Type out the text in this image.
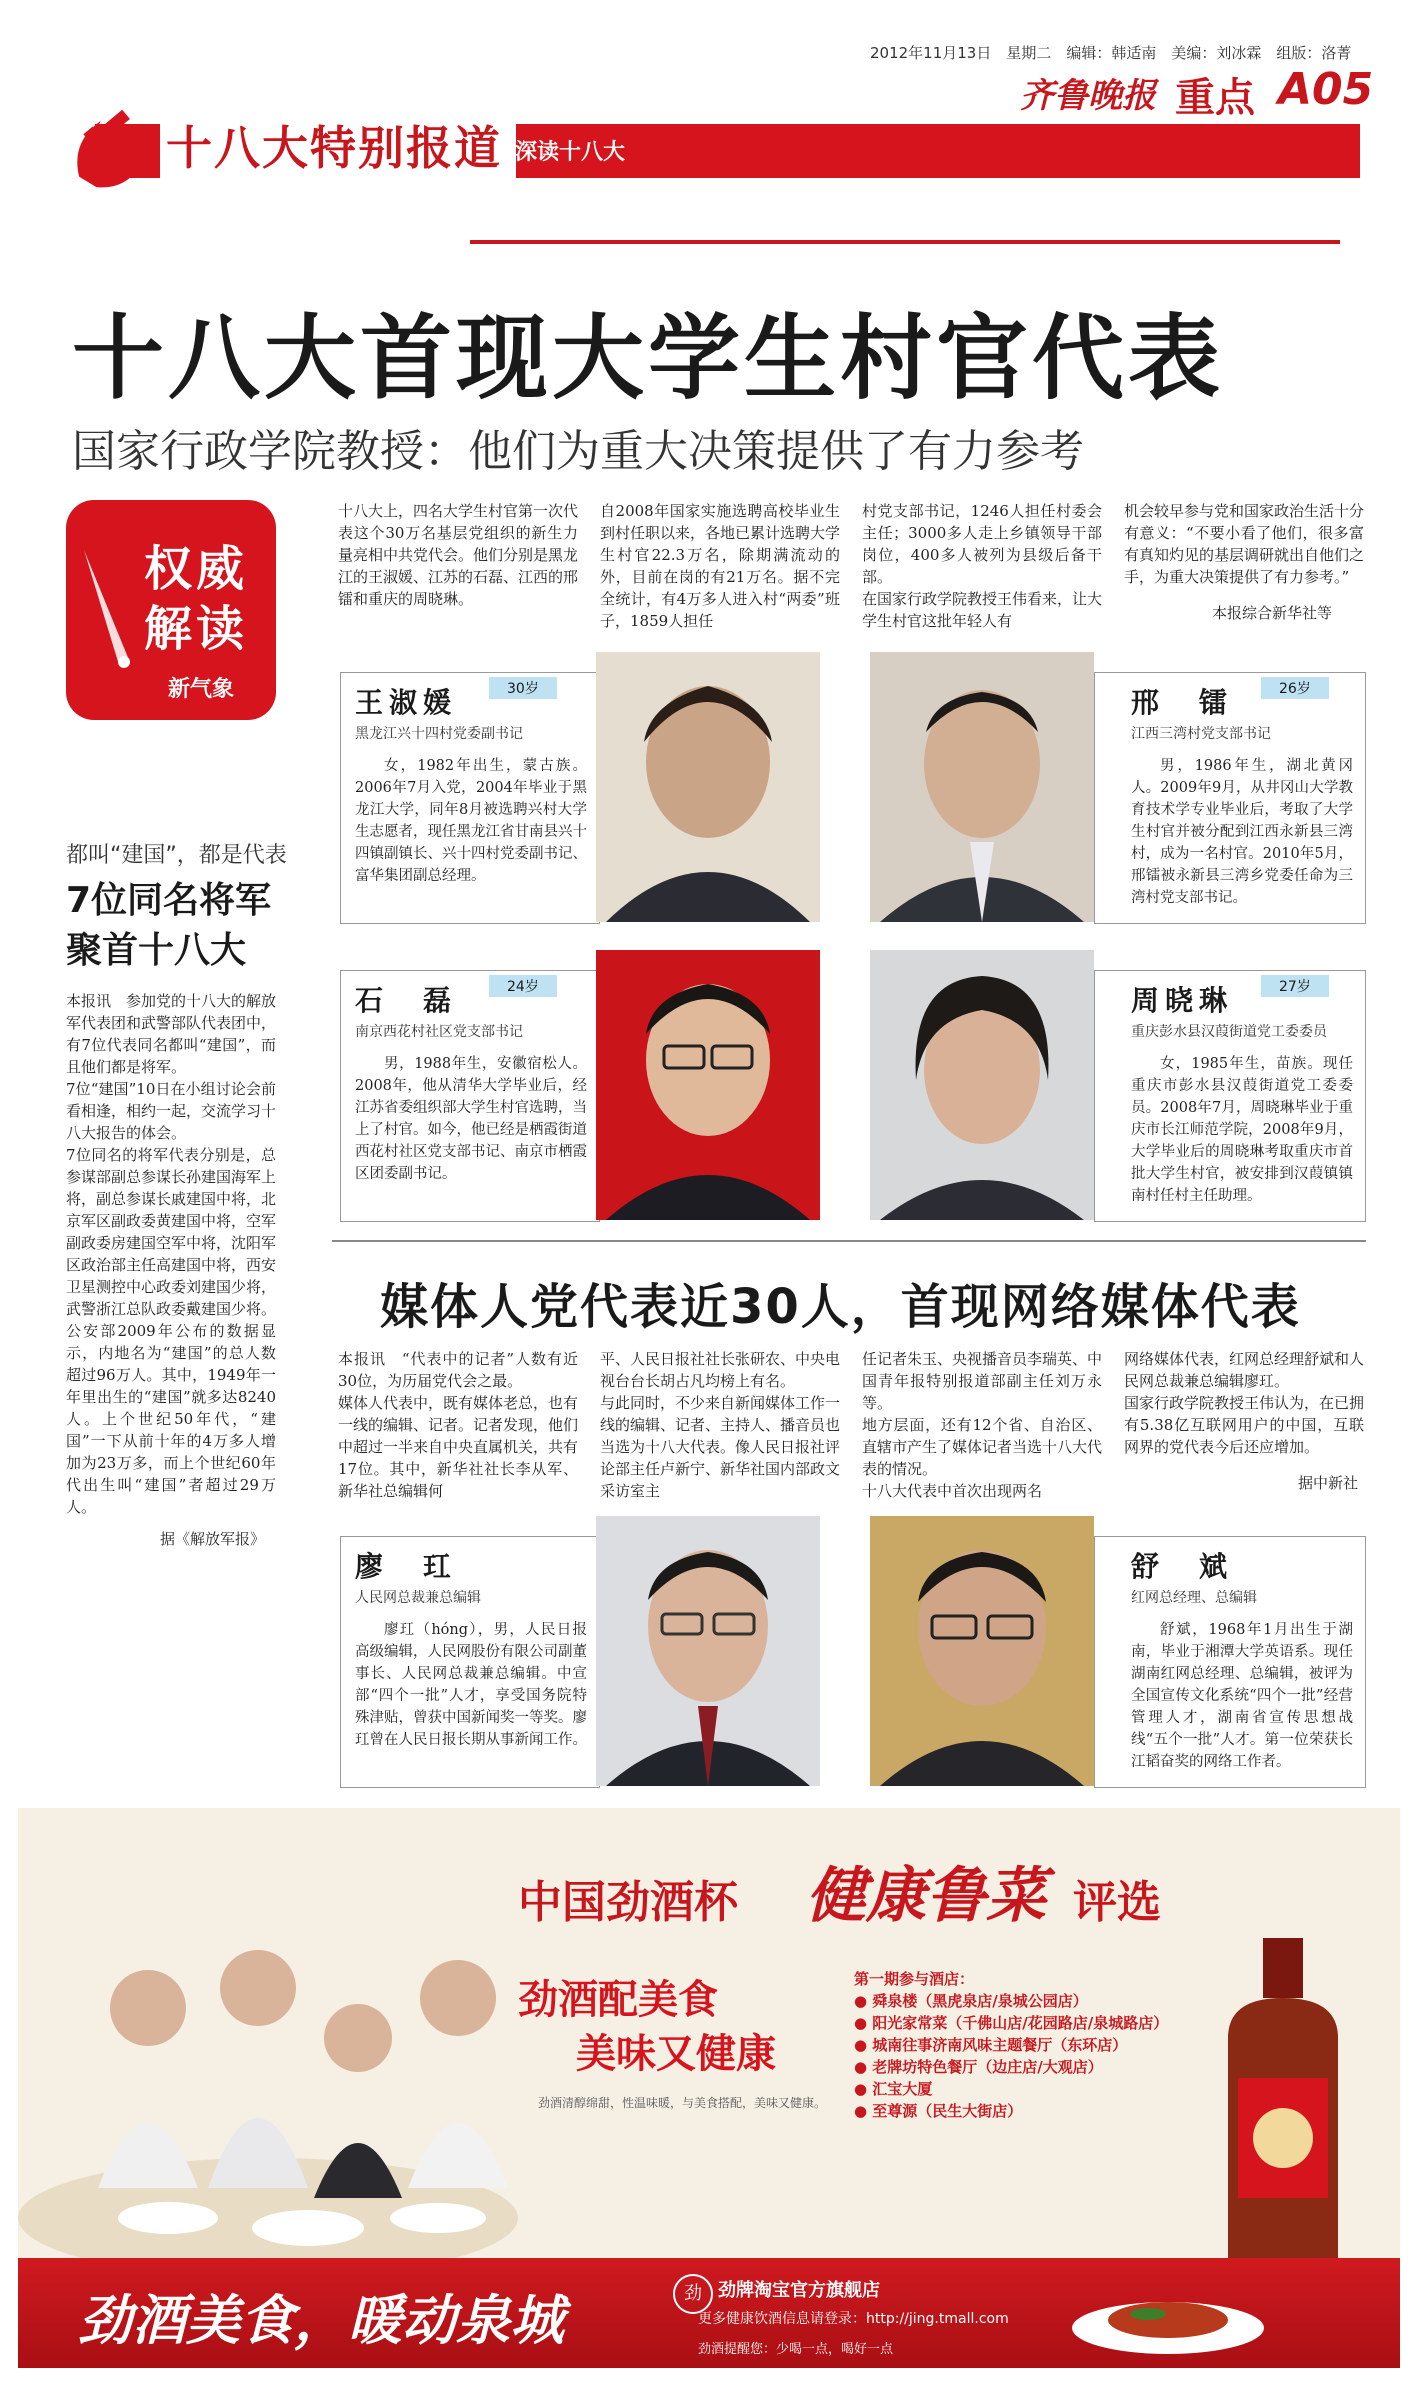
2012年11月13日　星期二　编辑：韩适南　美编：刘冰霖　组版：洛菁
齐鲁晚报 重点 A05
十八大特别报道 深读十八大
十八大首现大学生村官代表
国家行政学院教授：他们为重大决策提供了有力参考
权威
解读
新气象
都叫“建国”，都是代表
7位同名将军
聚首十八大
本报讯　参加党的十八大的解放军代表团和武警部队代表团中，有7位代表同名都叫“建国”，而且他们都是将军。
7位“建国”10日在小组讨论会前看相逢，相约一起，交流学习十八大报告的体会。
7位同名的将军代表分别是，总参谋部副总参谋长孙建国海军上将，副总参谋长戚建国中将，北京军区副政委黄建国中将，空军副政委房建国空军中将，沈阳军区政治部主任高建国中将，西安卫星测控中心政委刘建国少将，武警浙江总队政委戴建国少将。
公安部2009年公布的数据显示，内地名为“建国”的总人数超过96万人。其中，1949年一年里出生的“建国”就多达8240人。上个世纪50年代，“建国”一下从前十年的4万多人增加为23万多，而上个世纪60年代出生叫“建国”者超过29万人。
据《解放军报》
十八大上，四名大学生村官第一次代表这个30万名基层党组织的新生力量亮相中共党代会。他们分别是黑龙江的王淑媛、江苏的石磊、江西的邢镭和重庆的周晓琳。
自2008年国家实施选聘高校毕业生到村任职以来，各地已累计选聘大学生村官22.3万名，除期满流动的外，目前在岗的有21万名。据不完全统计，有4万多人进入村“两委”班子，1859人担任
村党支部书记，1246人担任村委会主任；3000多人走上乡镇领导干部岗位，400多人被列为县级后备干部。
在国家行政学院教授王伟看来，让大学生村官这批年轻人有
机会较早参与党和国家政治生活十分有意义：“不要小看了他们，很多富有真知灼见的基层调研就出自他们之手，为重大决策提供了有力参考。”
本报综合新华社等
王淑媛	30岁
黑龙江兴十四村党委副书记
女，1982年出生，蒙古族。2006年7月入党，2004年毕业于黑龙江大学，同年8月被选聘兴村大学生志愿者，现任黑龙江省甘南县兴十四镇副镇长、兴十四村党委副书记、富华集团副总经理。
邢　镭	26岁
江西三湾村党支部书记
男，1986年生，湖北黄冈人。2009年9月，从井冈山大学教育技术学专业毕业后，考取了大学生村官并被分配到江西永新县三湾村，成为一名村官。2010年5月，邢镭被永新县三湾乡党委任命为三湾村党支部书记。
石　磊	24岁
南京西花村社区党支部书记
男，1988年生，安徽宿松人。2008年，他从清华大学毕业后，经江苏省委组织部大学生村官选聘，当上了村官。如今，他已经是栖霞街道西花村社区党支部书记、南京市栖霞区团委副书记。
周晓琳	27岁
重庆彭水县汉葭街道党工委委员
女，1985年生，苗族。现任重庆市彭水县汉葭街道党工委委员。2008年7月，周晓琳毕业于重庆市长江师范学院，2008年9月，大学毕业后的周晓琳考取重庆市首批大学生村官，被安排到汉葭镇镇南村任村主任助理。
媒体人党代表近30人，首现网络媒体代表
本报讯　“代表中的记者”人数有近30位，为历届党代会之最。
媒体人代表中，既有媒体老总，也有一线的编辑、记者。记者发现，他们中超过一半来自中央直属机关，共有17位。其中，新华社社长李从军、新华社总编辑何
平、人民日报社社长张研农、中央电视台台长胡占凡均榜上有名。
与此同时，不少来自新闻媒体工作一线的编辑、记者、主持人、播音员也当选为十八大代表。像人民日报社评论部主任卢新宁、新华社国内部政文采访室主
任记者朱玉、央视播音员李瑞英、中国青年报特别报道部副主任刘万永等。
地方层面，还有12个省、自治区、直辖市产生了媒体记者当选十八大代表的情况。
十八大代表中首次出现两名
网络媒体代表，红网总经理舒斌和人民网总裁兼总编辑廖玒。
国家行政学院教授王伟认为，在已拥有5.38亿互联网用户的中国，互联网界的党代表今后还应增加。
据中新社
廖　玒
人民网总裁兼总编辑
廖玒（hóng），男，人民日报高级编辑，人民网股份有限公司副董事长、人民网总裁兼总编辑。中宣部“四个一批”人才，享受国务院特殊津贴，曾获中国新闻奖一等奖。廖玒曾在人民日报长期从事新闻工作。
舒　斌
红网总经理、总编辑
舒斌，1968年1月出生于湖南，毕业于湘潭大学英语系。现任湖南红网总经理、总编辑，被评为全国宣传文化系统“四个一批”经营管理人才，湖南省宣传思想战线“五个一批”人才。第一位荣获长江韬奋奖的网络工作者。
中国劲酒杯 健康鲁菜 评选
劲酒配美食
美味又健康
劲酒清醇绵甜，性温味暖，与美食搭配，美味又健康。
第一期参与酒店：
● 舜泉楼（黑虎泉店/泉城公园店）
● 阳光家常菜（千佛山店/花园路店/泉城路店）
● 城南往事济南风味主题餐厅（东环店）
● 老牌坊特色餐厅（边庄店/大观店）
● 汇宝大厦
● 至尊源（民生大街店）
劲酒美食，暖动泉城	劲 劲牌淘宝官方旗舰店
更多健康饮酒信息请登录：http://jing.tmall.com
劲酒提醒您：少喝一点，喝好一点
